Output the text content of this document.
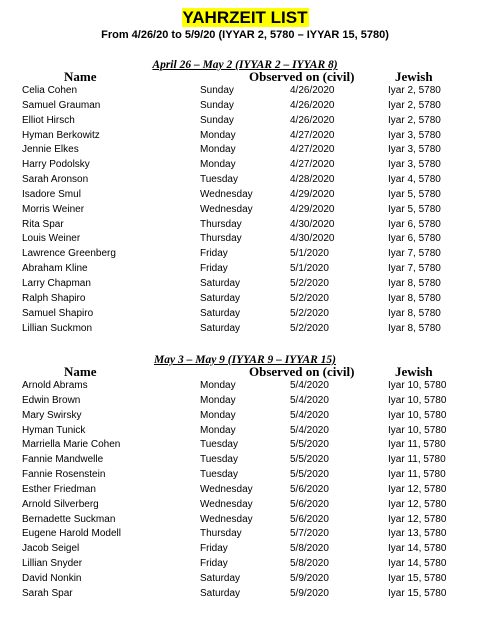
YAHRZEIT LIST
From 4/26/20 to 5/9/20 (IYYAR 2, 5780 – IYYAR 15, 5780)
April 26 – May 2 (IYYAR 2 – IYYAR 8)
Name	Observed on (civil)	Jewish
Celia Cohen	Sunday	4/26/2020	Iyar 2, 5780
Samuel Grauman	Sunday	4/26/2020	Iyar 2, 5780
Elliot Hirsch	Sunday	4/26/2020	Iyar 2, 5780
Hyman Berkowitz	Monday	4/27/2020	Iyar 3, 5780
Jennie Elkes	Monday	4/27/2020	Iyar 3, 5780
Harry Podolsky	Monday	4/27/2020	Iyar 3, 5780
Sarah Aronson	Tuesday	4/28/2020	Iyar 4, 5780
Isadore Smul	Wednesday	4/29/2020	Iyar 5, 5780
Morris Weiner	Wednesday	4/29/2020	Iyar 5, 5780
Rita Spar	Thursday	4/30/2020	Iyar 6, 5780
Louis Weiner	Thursday	4/30/2020	Iyar 6, 5780
Lawrence Greenberg	Friday	5/1/2020	Iyar 7, 5780
Abraham Kline	Friday	5/1/2020	Iyar 7, 5780
Larry Chapman	Saturday	5/2/2020	Iyar 8, 5780
Ralph Shapiro	Saturday	5/2/2020	Iyar 8, 5780
Samuel Shapiro	Saturday	5/2/2020	Iyar 8, 5780
Lillian Suckmon	Saturday	5/2/2020	Iyar 8, 5780
May 3 – May 9 (IYYAR 9 – IYYAR 15)
Name	Observed on (civil)	Jewish
Arnold Abrams	Monday	5/4/2020	Iyar 10, 5780
Edwin Brown	Monday	5/4/2020	Iyar 10, 5780
Mary Swirsky	Monday	5/4/2020	Iyar 10, 5780
Hyman Tunick	Monday	5/4/2020	Iyar 10, 5780
Marriella Marie Cohen	Tuesday	5/5/2020	Iyar 11, 5780
Fannie Mandwelle	Tuesday	5/5/2020	Iyar 11, 5780
Fannie Rosenstein	Tuesday	5/5/2020	Iyar 11, 5780
Esther Friedman	Wednesday	5/6/2020	Iyar 12, 5780
Arnold Silverberg	Wednesday	5/6/2020	Iyar 12, 5780
Bernadette Suckman	Wednesday	5/6/2020	Iyar 12, 5780
Eugene Harold Modell	Thursday	5/7/2020	Iyar 13, 5780
Jacob Seigel	Friday	5/8/2020	Iyar 14, 5780
Lillian Snyder	Friday	5/8/2020	Iyar 14, 5780
David Nonkin	Saturday	5/9/2020	Iyar 15, 5780
Sarah Spar	Saturday	5/9/2020	Iyar 15, 5780
